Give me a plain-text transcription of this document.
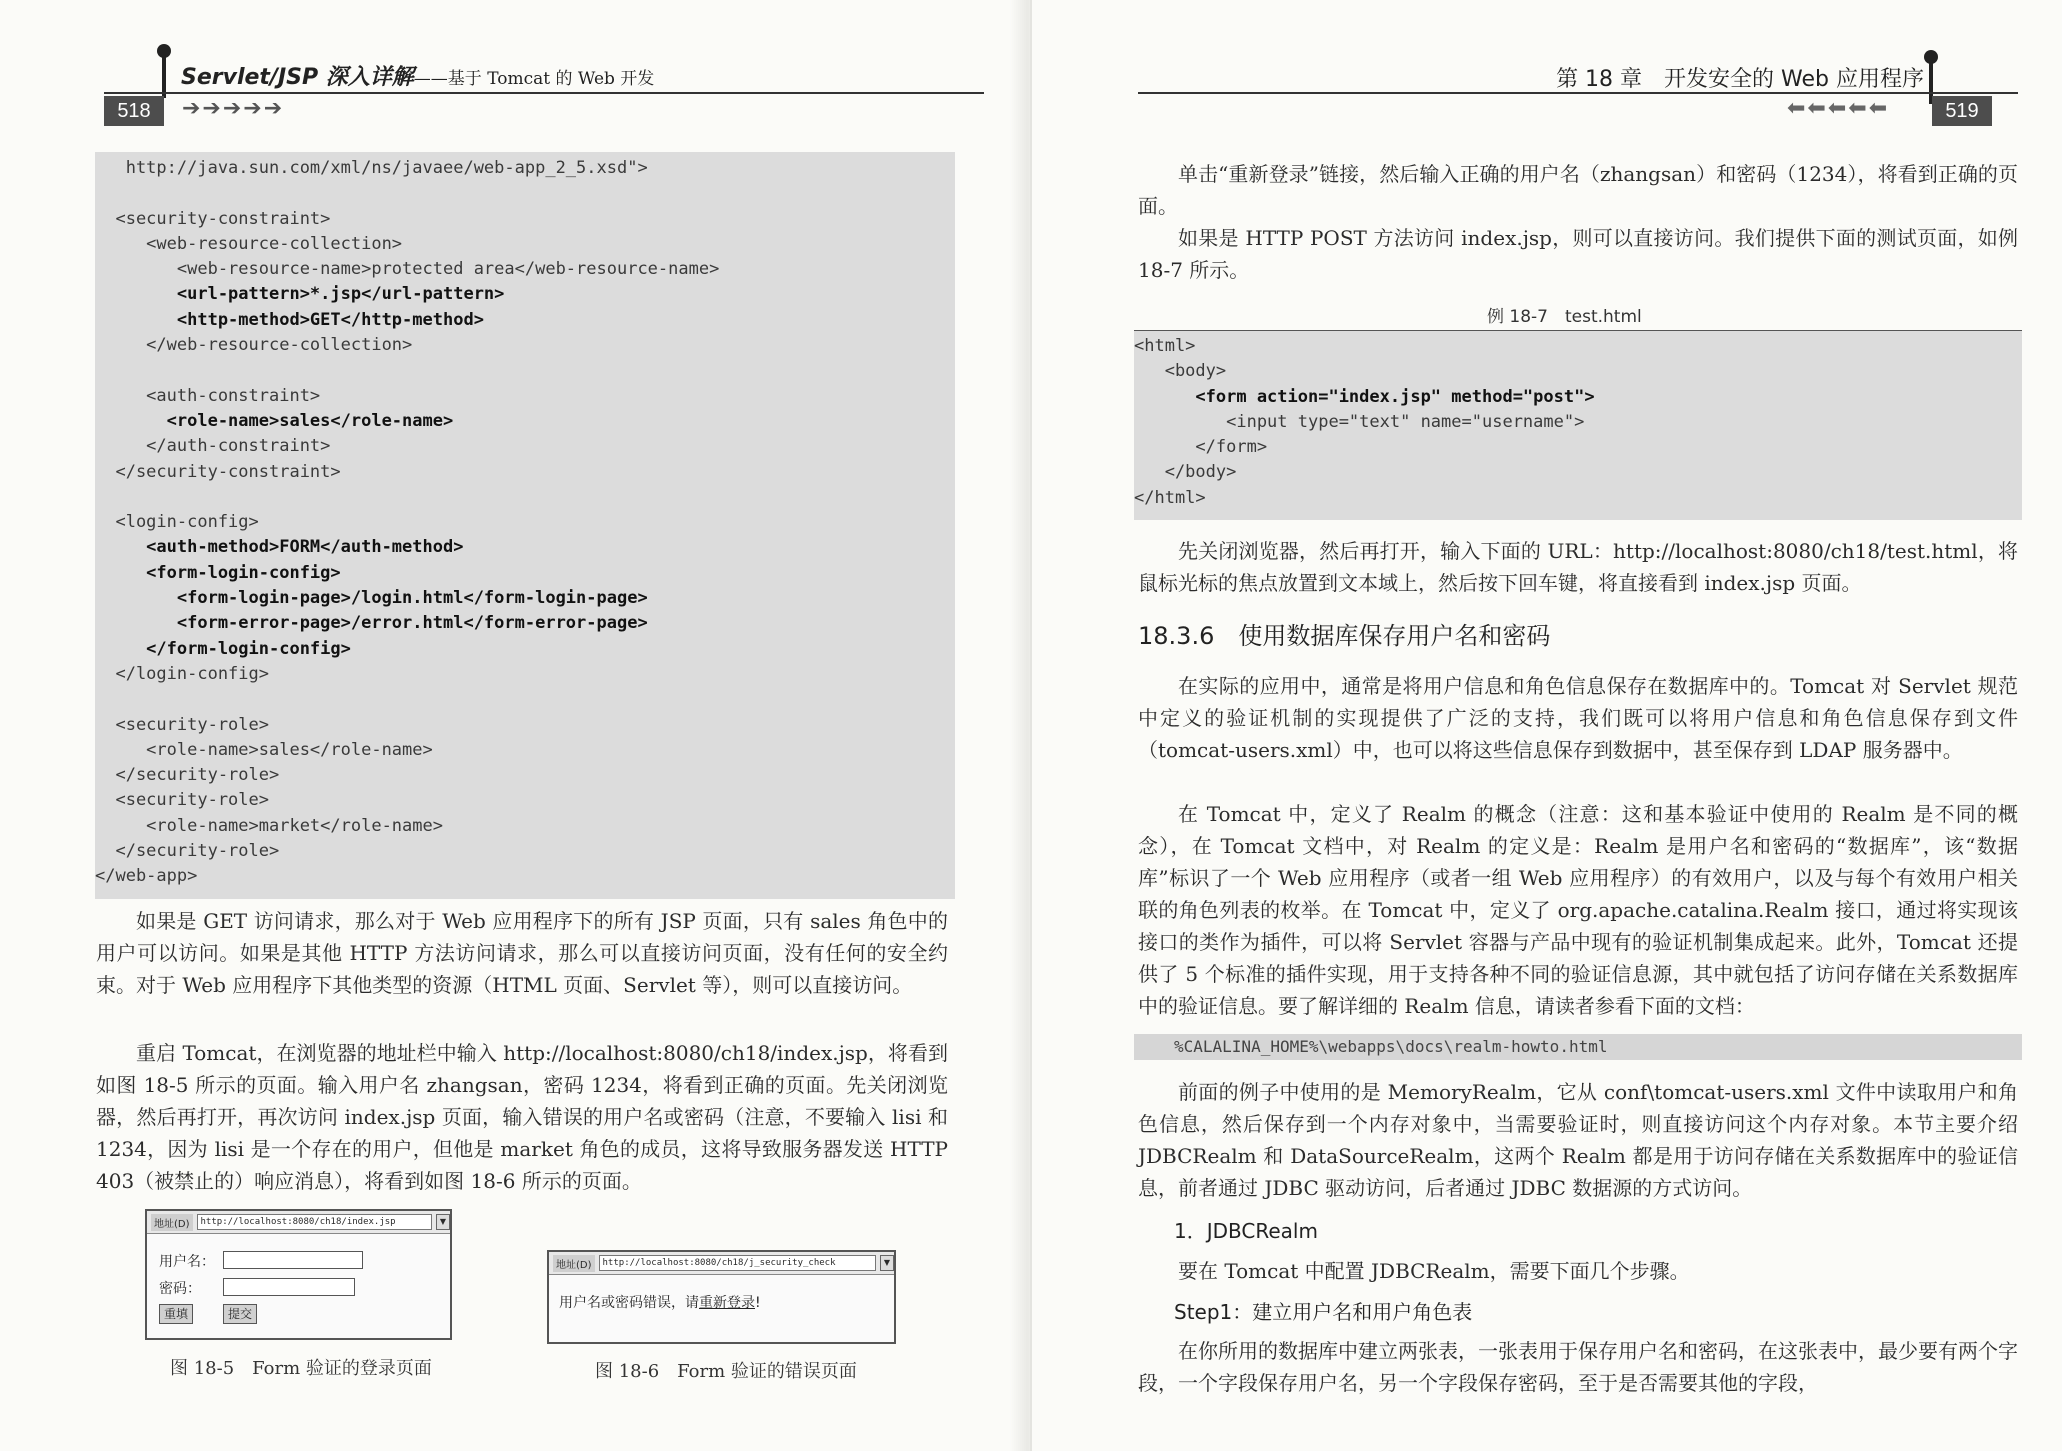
Servlet/JSP 深入详解——基于 Tomcat 的 Web 开发
518	➔➔➔➔➔
http://java.sun.com/xml/ns/javaee/web-app_2_5.xsd">
<security-constraint>
<web-resource-collection>
<web-resource-name>protected area</web-resource-name>
<url-pattern>*.jsp</url-pattern>
<http-method>GET</http-method>
</web-resource-collection>
<auth-constraint>
<role-name>sales</role-name>
</auth-constraint>
</security-constraint>
<login-config>
<auth-method>FORM</auth-method>
<form-login-config>
<form-login-page>/login.html</form-login-page>
<form-error-page>/error.html</form-error-page>
</form-login-config>
</login-config>
<security-role>
<role-name>sales</role-name>
</security-role>
<security-role>
<role-name>market</role-name>
</security-role>
</web-app>
如果是 GET 访问请求，那么对于 Web 应用程序下的所有 JSP 页面，只有 sales 角色中的用户可以访问。如果是其他 HTTP 方法访问请求，那么可以直接访问页面，没有任何的安全约束。对于 Web 应用程序下其他类型的资源（HTML 页面、Servlet 等），则可以直接访问。
重启 Tomcat，在浏览器的地址栏中输入 http://localhost:8080/ch18/index.jsp，将看到如图 18-5 所示的页面。输入用户名 zhangsan，密码 1234，将看到正确的页面。先关闭浏览器，然后再打开，再次访问 index.jsp 页面，输入错误的用户名或密码（注意，不要输入 lisi 和 1234，因为 lisi 是一个存在的用户，但他是 market 角色的成员，这将导致服务器发送 HTTP 403（被禁止的）响应消息），将看到如图 18-6 所示的页面。
地址(D)	http://localhost:8080/ch18/index.jsp	▼
用户名：
密码：
重填	提交
图 18-5　Form 验证的登录页面
地址(D)	http://localhost:8080/ch18/j_security_check	▼
用户名或密码错误，请重新登录!
图 18-6　Form 验证的错误页面
第 18 章　开发安全的 Web 应用程序
⬅⬅⬅⬅⬅	519
单击“重新登录”链接，然后输入正确的用户名（zhangsan）和密码（1234），将看到正确的页面。
如果是 HTTP POST 方法访问 index.jsp，则可以直接访问。我们提供下面的测试页面，如例 18-7 所示。
例 18-7　test.html
<html>
<body>
<form action="index.jsp" method="post">
<input type="text" name="username">
</form>
</body>
</html>
先关闭浏览器，然后再打开，输入下面的 URL：http://localhost:8080/ch18/test.html，将鼠标光标的焦点放置到文本域上，然后按下回车键，将直接看到 index.jsp 页面。
18.3.6　使用数据库保存用户名和密码
在实际的应用中，通常是将用户信息和角色信息保存在数据库中的。Tomcat 对 Servlet 规范中定义的验证机制的实现提供了广泛的支持，我们既可以将用户信息和角色信息保存到文件（tomcat-users.xml）中，也可以将这些信息保存到数据中，甚至保存到 LDAP 服务器中。
在 Tomcat 中，定义了 Realm 的概念（注意：这和基本验证中使用的 Realm 是不同的概念），在 Tomcat 文档中，对 Realm 的定义是：Realm 是用户名和密码的“数据库”，该“数据库”标识了一个 Web 应用程序（或者一组 Web 应用程序）的有效用户，以及与每个有效用户相关联的角色列表的枚举。在 Tomcat 中，定义了 org.apache.catalina.Realm 接口，通过将实现该接口的类作为插件，可以将 Servlet 容器与产品中现有的验证机制集成起来。此外，Tomcat 还提供了 5 个标准的插件实现，用于支持各种不同的验证信息源，其中就包括了访问存储在关系数据库中的验证信息。要了解详细的 Realm 信息，请读者参看下面的文档：
%CALALINA_HOME%\webapps\docs\realm-howto.html
前面的例子中使用的是 MemoryRealm，它从 conf\tomcat-users.xml 文件中读取用户和角色信息，然后保存到一个内存对象中，当需要验证时，则直接访问这个内存对象。本节主要介绍 JDBCRealm 和 DataSourceRealm，这两个 Realm 都是用于访问存储在关系数据库中的验证信息，前者通过 JDBC 驱动访问，后者通过 JDBC 数据源的方式访问。
1．JDBCRealm
要在 Tomcat 中配置 JDBCRealm，需要下面几个步骤。
Step1：建立用户名和用户角色表
在你所用的数据库中建立两张表，一张表用于保存用户名和密码，在这张表中，最少要有两个字段，一个字段保存用户名，另一个字段保存密码，至于是否需要其他的字段，
